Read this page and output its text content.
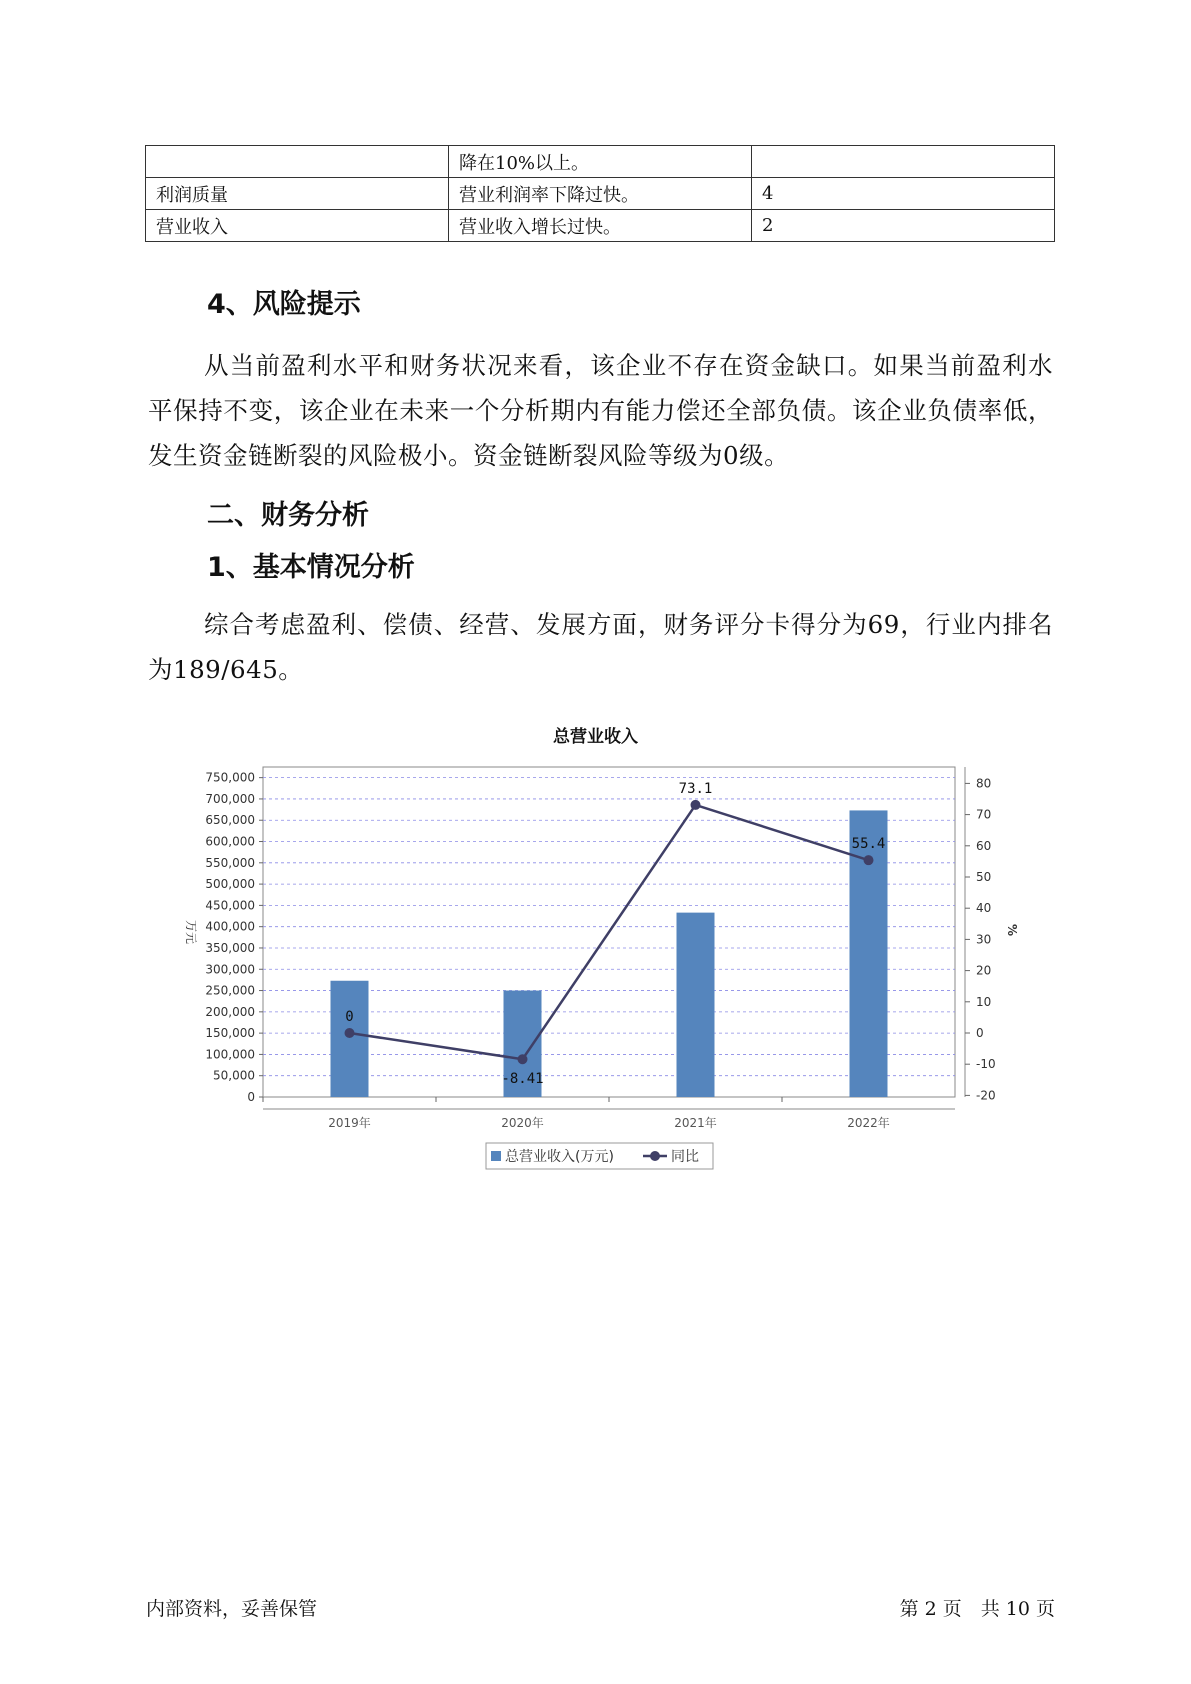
	降在10%以上。	
利润质量	营业利润率下降过快。	4
营业收入	营业收入增长过快。	2
4、风险提示

从当前盈利水平和财务状况来看，该企业不存在资金缺口。如果当前盈利水平保持不变，该企业在未来一个分析期内有能力偿还全部负债。该企业负债率低，发生资金链断裂的风险极小。资金链断裂风险等级为0级。

二、财务分析
1、基本情况分析

综合考虑盈利、偿债、经营、发展方面，财务评分卡得分为69，行业内排名为189/645。

总营业收入
0
50,000
100,000
150,000
200,000
250,000
300,000
350,000
400,000
450,000
500,000
550,000
600,000
650,000
700,000
750,000
万元
-20
-10
0
10
20
30
40
50
60
70
80
%
2019年	2020年	2021年	2022年
0
-8.41
73.1
55.4
总营业收入(万元)	同比
内部资料，妥善保管	第 2 页　共 10 页
